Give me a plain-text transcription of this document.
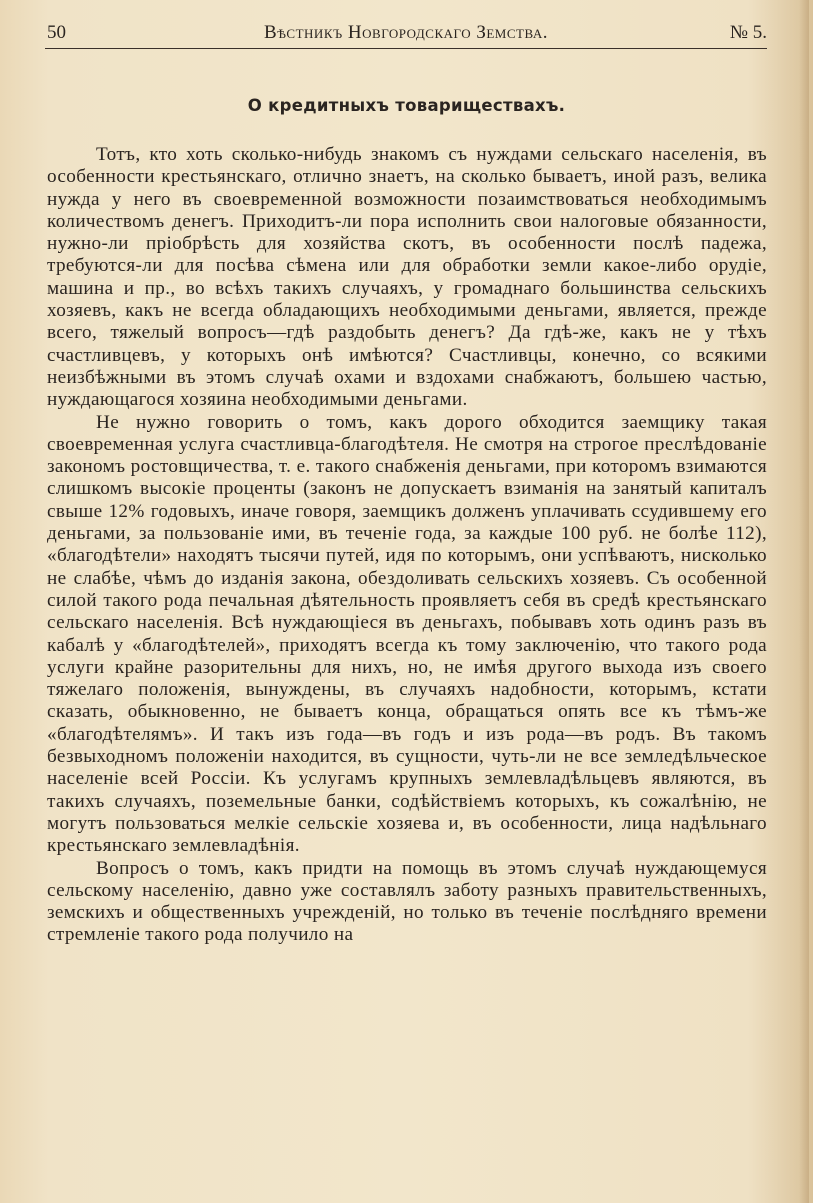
50	Вѣстникъ Новгородскаго Земства.	№ 5.
О кредитныхъ товариществахъ.

Тотъ, кто хоть сколько-нибудь знакомъ съ нуждами сельскаго населенія, въ особенности крестьянскаго, отлично знаетъ, на сколько бываетъ, иной разъ, велика нужда у него въ своевременной возможности позаимствоваться необходимымъ количествомъ денегъ. Приходитъ-ли пора исполнить свои налоговые обязанности, нужно-ли пріобрѣсть для хозяйства скотъ, въ особенности послѣ падежа, требуются-ли для посѣва сѣмена или для обработки земли какое-либо орудіе, машина и пр., во всѣхъ такихъ случаяхъ, у громаднаго большинства сельскихъ хозяевъ, какъ не всегда обладающихъ необходимыми деньгами, является, прежде всего, тяжелый вопросъ—гдѣ раздобыть денегъ? Да гдѣ-же, какъ не у тѣхъ счастливцевъ, у которыхъ онѣ имѣются? Счастливцы, конечно, со всякими неизбѣжными въ этомъ случаѣ охами и вздохами снабжаютъ, большею частью, нуждающагося хозяина необходимыми деньгами.

Не нужно говорить о томъ, какъ дорого обходится заемщику такая своевременная услуга счастливца-благодѣтеля. Не смотря на строгое преслѣдованіе закономъ ростовщичества, т. е. такого снабженія деньгами, при которомъ взимаются слишкомъ высокіе проценты (законъ не допускаетъ взиманія на занятый капиталъ свыше 12% годовыхъ, иначе говоря, заемщикъ долженъ уплачивать ссудившему его деньгами, за пользованіе ими, въ теченіе года, за каждые 100 руб. не болѣе 112), «благодѣтели» находятъ тысячи путей, идя по которымъ, они успѣваютъ, нисколько не слабѣе, чѣмъ до изданія закона, обездоливать сельскихъ хозяевъ. Съ особенной силой такого рода печальная дѣятельность проявляетъ себя въ средѣ крестьянскаго сельскаго населенія. Всѣ нуждающіеся въ деньгахъ, побывавъ хоть одинъ разъ въ кабалѣ у «благодѣтелей», приходятъ всегда къ тому заключенію, что такого рода услуги крайне разорительны для нихъ, но, не имѣя другого выхода изъ своего тяжелаго положенія, вынуждены, въ случаяхъ надобности, которымъ, кстати сказать, обыкновенно, не бываетъ конца, обращаться опять все къ тѣмъ-же «благодѣтелямъ». И такъ изъ года—въ годъ и изъ рода—въ родъ. Въ такомъ безвыходномъ положеніи находится, въ сущности, чуть-ли не все земледѣльческое населеніе всей Россіи. Къ услугамъ крупныхъ землевладѣльцевъ являются, въ такихъ случаяхъ, поземельные банки, содѣйствіемъ которыхъ, къ сожалѣнію, не могутъ пользоваться мелкіе сельскіе хозяева и, въ особенности, лица надѣльнаго крестьянскаго землевладѣнія.

Вопросъ о томъ, какъ придти на помощь въ этомъ случаѣ нуждающемуся сельскому населенію, давно уже составлялъ заботу разныхъ правительственныхъ, земскихъ и общественныхъ учрежденій, но только въ теченіе послѣдняго времени стремленіе такого рода получило на
